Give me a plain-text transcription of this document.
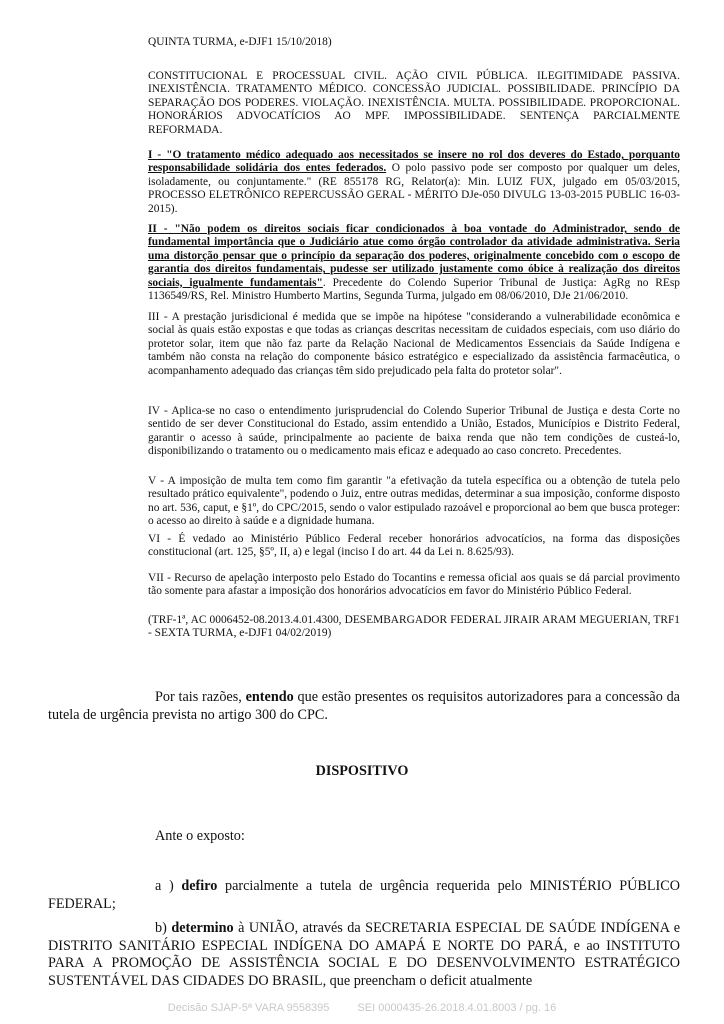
QUINTA TURMA, e-DJF1 15/10/2018)
CONSTITUCIONAL E PROCESSUAL CIVIL. AÇÃO CIVIL PÚBLICA. ILEGITIMIDADE PASSIVA. INEXISTÊNCIA. TRATAMENTO MÉDICO. CONCESSÃO JUDICIAL. POSSIBILIDADE. PRINCÍPIO DA SEPARAÇÃO DOS PODERES. VIOLAÇÃO. INEXISTÊNCIA. MULTA. POSSIBILIDADE. PROPORCIONAL. HONORÁRIOS ADVOCATÍCIOS AO MPF. IMPOSSIBILIDADE. SENTENÇA PARCIALMENTE REFORMADA.
I - "O tratamento médico adequado aos necessitados se insere no rol dos deveres do Estado, porquanto responsabilidade solidária dos entes federados. O polo passivo pode ser composto por qualquer um deles, isoladamente, ou conjuntamente." (RE 855178 RG, Relator(a): Min. LUIZ FUX, julgado em 05/03/2015, PROCESSO ELETRÔNICO REPERCUSSÃO GERAL - MÉRITO DJe-050 DIVULG 13-03-2015 PUBLIC 16-03-2015).
II - "Não podem os direitos sociais ficar condicionados à boa vontade do Administrador, sendo de fundamental importância que o Judiciário atue como órgão controlador da atividade administrativa. Seria uma distorção pensar que o princípio da separação dos poderes, originalmente concebido com o escopo de garantia dos direitos fundamentais, pudesse ser utilizado justamente como óbice à realização dos direitos sociais, igualmente fundamentais". Precedente do Colendo Superior Tribunal de Justiça: AgRg no REsp 1136549/RS, Rel. Ministro Humberto Martins, Segunda Turma, julgado em 08/06/2010, DJe 21/06/2010.
III - A prestação jurisdicional é medida que se impõe na hipótese "considerando a vulnerabilidade econômica e social às quais estão expostas e que todas as crianças descritas necessitam de cuidados especiais, com uso diário do protetor solar, item que não faz parte da Relação Nacional de Medicamentos Essenciais da Saúde Indígena e também não consta na relação do componente básico estratégico e especializado da assistência farmacêutica, o acompanhamento adequado das crianças têm sido prejudicado pela falta do protetor solar".
IV - Aplica-se no caso o entendimento jurisprudencial do Colendo Superior Tribunal de Justiça e desta Corte no sentido de ser dever Constitucional do Estado, assim entendido a União, Estados, Municípios e Distrito Federal, garantir o acesso à saúde, principalmente ao paciente de baixa renda que não tem condições de custeá-lo, disponibilizando o tratamento ou o medicamento mais eficaz e adequado ao caso concreto. Precedentes.
V - A imposição de multa tem como fim garantir "a efetivação da tutela específica ou a obtenção de tutela pelo resultado prático equivalente", podendo o Juiz, entre outras medidas, determinar a sua imposição, conforme disposto no art. 536, caput, e §1º, do CPC/2015, sendo o valor estipulado razoável e proporcional ao bem que busca proteger: o acesso ao direito à saúde e a dignidade humana.
VI - É vedado ao Ministério Público Federal receber honorários advocatícios, na forma das disposições constitucional (art. 125, §5º, II, a) e legal (inciso I do art. 44 da Lei n. 8.625/93).
VII - Recurso de apelação interposto pelo Estado do Tocantins e remessa oficial aos quais se dá parcial provimento tão somente para afastar a imposição dos honorários advocatícios em favor do Ministério Público Federal.
(TRF-1ª, AC 0006452-08.2013.4.01.4300, DESEMBARGADOR FEDERAL JIRAIR ARAM MEGUERIAN, TRF1 - SEXTA TURMA, e-DJF1 04/02/2019)
Por tais razões, entendo que estão presentes os requisitos autorizadores para a concessão da tutela de urgência prevista no artigo 300 do CPC.
DISPOSITIVO
Ante o exposto:
a ) defiro parcialmente a tutela de urgência requerida pelo MINISTÉRIO PÚBLICO FEDERAL;
b) determino à UNIÃO, através da SECRETARIA ESPECIAL DE SAÚDE INDÍGENA e DISTRITO SANITÁRIO ESPECIAL INDÍGENA DO AMAPÁ E NORTE DO PARÁ, e ao INSTITUTO PARA A PROMOÇÃO DE ASSISTÊNCIA SOCIAL E DO DESENVOLVIMENTO ESTRATÉGICO SUSTENTÁVEL DAS CIDADES DO BRASIL, que preencham o deficit atualmente
Decisão SJAP-5ª VARA 9558395	SEI 0000435-26.2018.4.01.8003 / pg. 16
